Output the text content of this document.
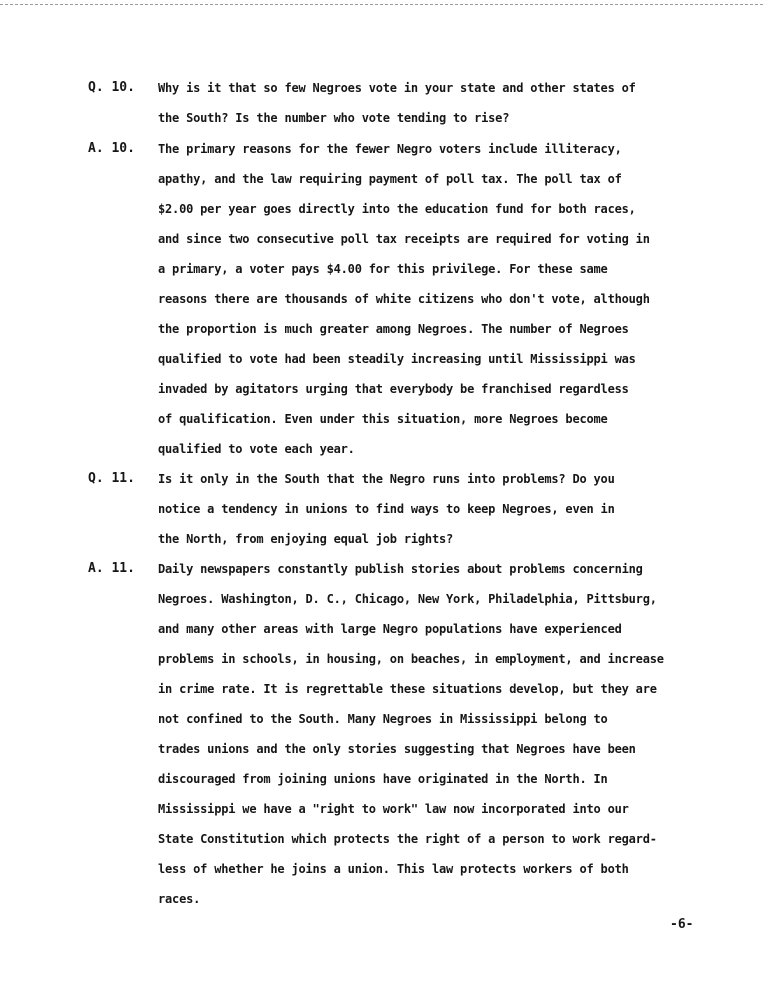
Q. 10. Why is it that so few Negroes vote in your state and other states of
the South? Is the number who vote tending to rise?
A. 10. The primary reasons for the fewer Negro voters include illiteracy,
apathy, and the law requiring payment of poll tax. The poll tax of
$2.00 per year goes directly into the education fund for both races,
and since two consecutive poll tax receipts are required for voting in
a primary, a voter pays $4.00 for this privilege. For these same
reasons there are thousands of white citizens who don't vote, although
the proportion is much greater among Negroes. The number of Negroes
qualified to vote had been steadily increasing until Mississippi was
invaded by agitators urging that everybody be franchised regardless
of qualification. Even under this situation, more Negroes become
qualified to vote each year.
Q. 11. Is it only in the South that the Negro runs into problems? Do you
notice a tendency in unions to find ways to keep Negroes, even in
the North, from enjoying equal job rights?
A. 11. Daily newspapers constantly publish stories about problems concerning
Negroes. Washington, D. C., Chicago, New York, Philadelphia, Pittsburg,
and many other areas with large Negro populations have experienced
problems in schools, in housing, on beaches, in employment, and increase
in crime rate. It is regrettable these situations develop, but they are
not confined to the South. Many Negroes in Mississippi belong to
trades unions and the only stories suggesting that Negroes have been
discouraged from joining unions have originated in the North. In
Mississippi we have a "right to work" law now incorporated into our
State Constitution which protects the right of a person to work regard-
less of whether he joins a union. This law protects workers of both
races.
-6-
